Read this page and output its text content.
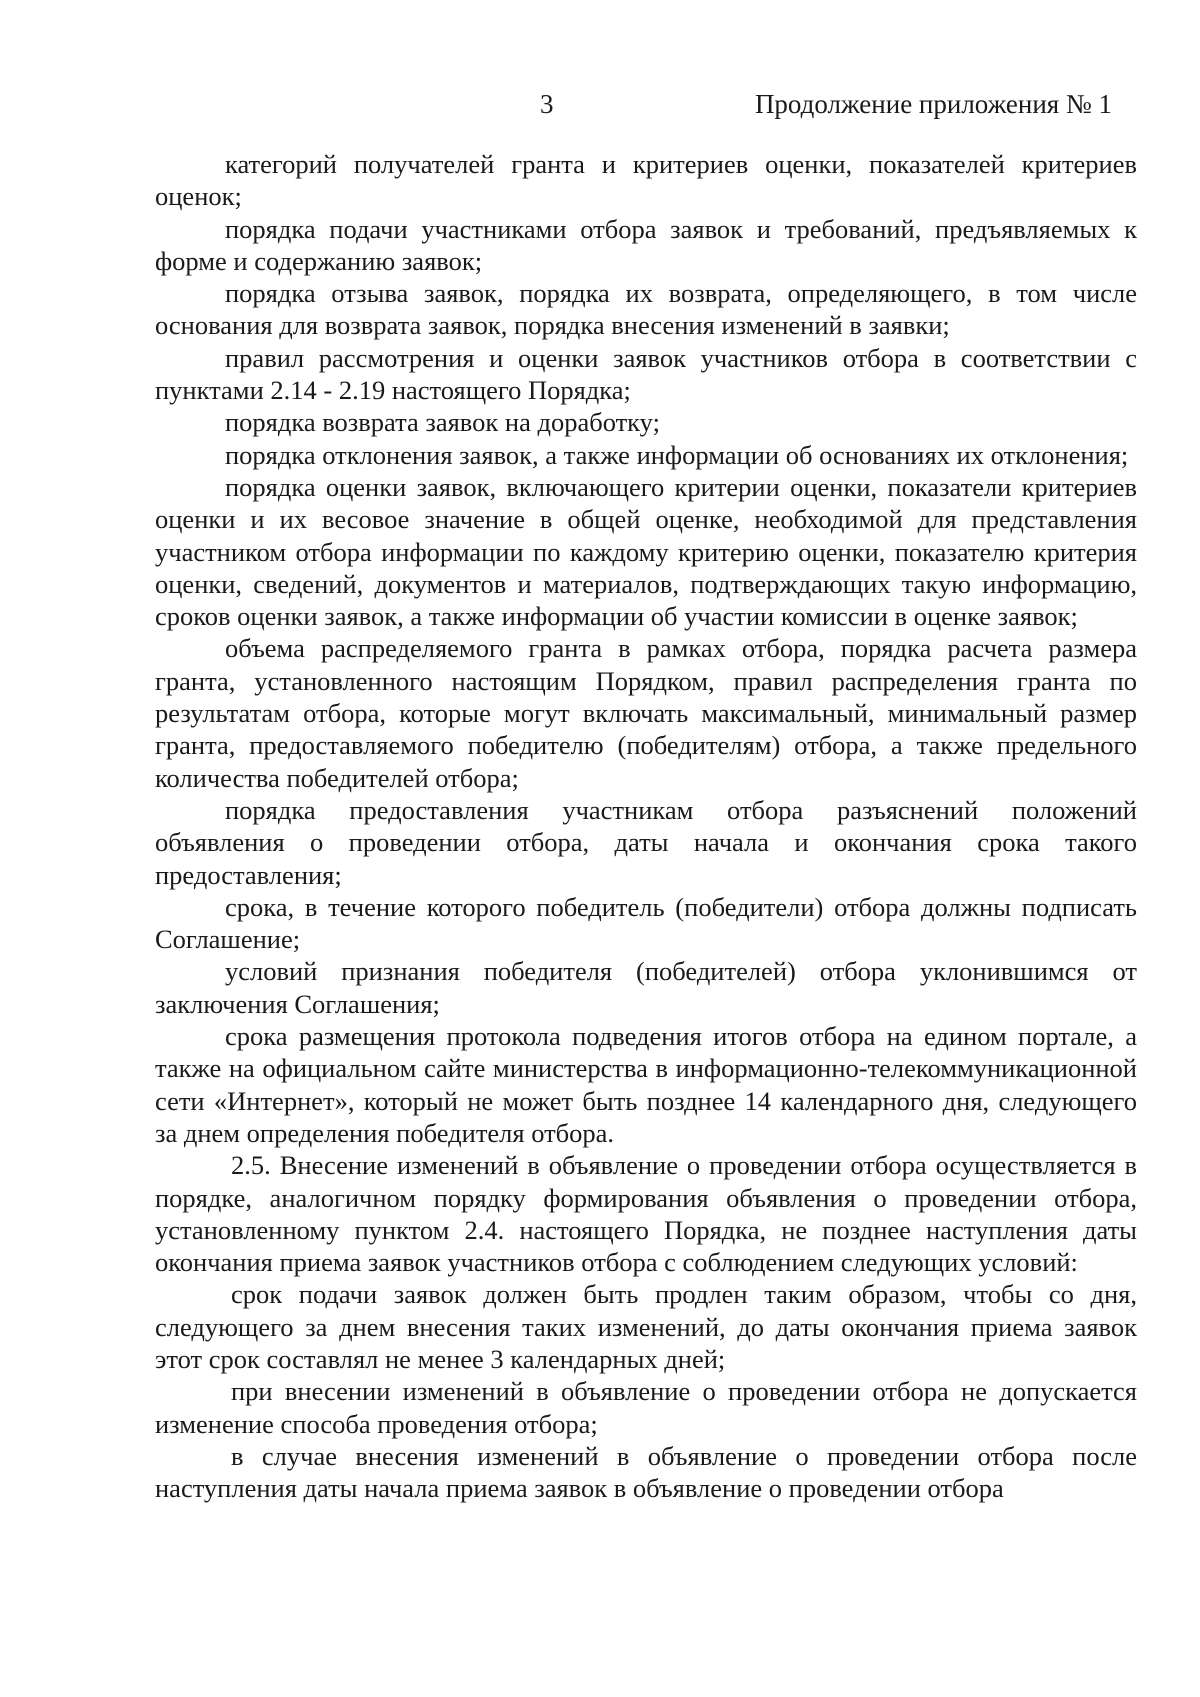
3	Продолжение приложения № 1

категорий получателей гранта и критериев оценки, показателей критериев оценок;

порядка подачи участниками отбора заявок и требований, предъявляемых к форме и содержанию заявок;

порядка отзыва заявок, порядка их возврата, определяющего, в том числе основания для возврата заявок, порядка внесения изменений в заявки;

правил рассмотрения и оценки заявок участников отбора в соответствии с пунктами 2.14 - 2.19 настоящего Порядка;

порядка возврата заявок на доработку;

порядка отклонения заявок, а также информации об основаниях их отклонения;

порядка оценки заявок, включающего критерии оценки, показатели критериев оценки и их весовое значение в общей оценке, необходимой для представления участником отбора информации по каждому критерию оценки, показателю критерия оценки, сведений, документов и материалов, подтверждающих такую информацию, сроков оценки заявок, а также информации об участии комиссии в оценке заявок;

объема распределяемого гранта в рамках отбора, порядка расчета размера гранта, установленного настоящим Порядком, правил распределения гранта по результатам отбора, которые могут включать максимальный, минимальный размер гранта, предоставляемого победителю (победителям) отбора, а также предельного количества победителей отбора;

порядка предоставления участникам отбора разъяснений положений объявления о проведении отбора, даты начала и окончания срока такого предоставления;

срока, в течение которого победитель (победители) отбора должны подписать Соглашение;

условий признания победителя (победителей) отбора уклонившимся от заключения Соглашения;

срока размещения протокола подведения итогов отбора на едином портале, а также на официальном сайте министерства в информационно-телекоммуникационной сети «Интернет», который не может быть позднее 14 календарного дня, следующего за днем определения победителя отбора.

2.5. Внесение изменений в объявление о проведении отбора осуществляется в порядке, аналогичном порядку формирования объявления о проведении отбора, установленному пунктом 2.4. настоящего Порядка, не позднее наступления даты окончания приема заявок участников отбора с соблюдением следующих условий:

срок подачи заявок должен быть продлен таким образом, чтобы со дня, следующего за днем внесения таких изменений, до даты окончания приема заявок этот срок составлял не менее 3 календарных дней;

при внесении изменений в объявление о проведении отбора не допускается изменение способа проведения отбора;

в случае внесения изменений в объявление о проведении отбора после наступления даты начала приема заявок в объявление о проведении отбора
